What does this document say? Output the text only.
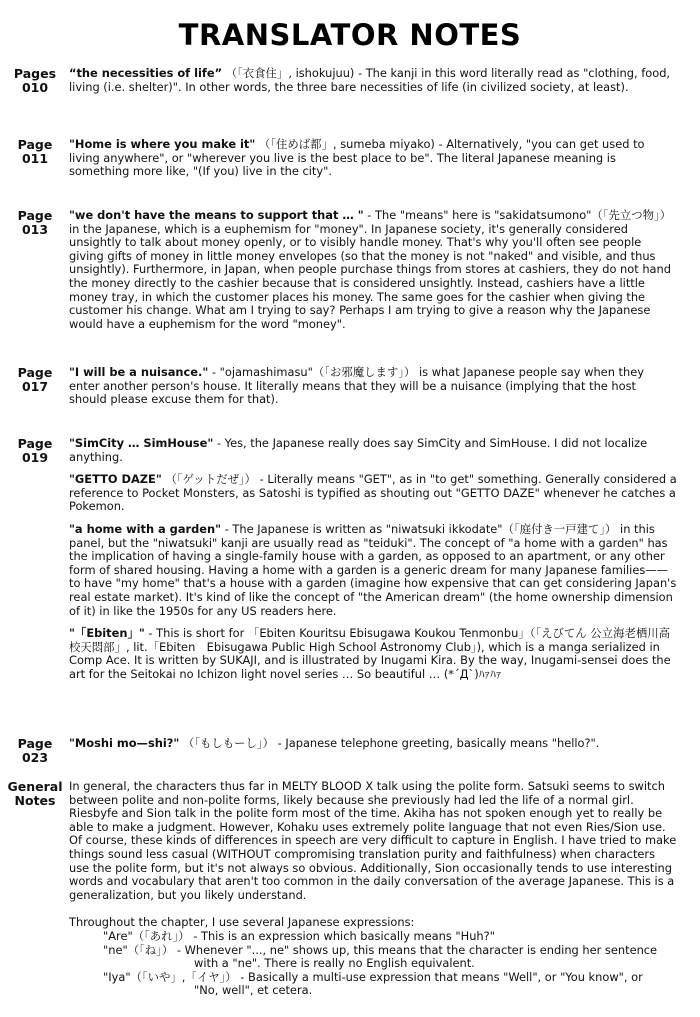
TRANSLATOR NOTES
Pages
010

“the necessities of life” （「衣食住」, ishokujuu) - The kanji in this word literally read as "clothing, food, living (i.e. shelter)". In other words, the three bare necessities of life (in civilized society, at least).

Page
011

"Home is where you make it" （「住めば都」, sumeba miyako) - Alternatively, "you can get used to living anywhere", or "wherever you live is the best place to be". The literal Japanese meaning is something more like, "(If you) live in the city".

Page
013

"we don't have the means to support that … " - The "means" here is "sakidatsumono"（「先立つ物」） in the Japanese, which is a euphemism for "money". In Japanese society, it's generally considered unsightly to talk about money openly, or to visibly handle money. That's why you'll often see people giving gifts of money in little money envelopes (so that the money is not "naked" and visible, and thus unsightly). Furthermore, in Japan, when people purchase things from stores at cashiers, they do not hand the money directly to the cashier because that is considered unsightly. Instead, cashiers have a little money tray, in which the customer places his money. The same goes for the cashier when giving the customer his change. What am I trying to say? Perhaps I am trying to give a reason why the Japanese would have a euphemism for the word "money".

Page
017

"I will be a nuisance." - "ojamashimasu"（「お邪魔します」） is what Japanese people say when they enter another person's house. It literally means that they will be a nuisance (implying that the host should please excuse them for that).

Page
019

"SimCity … SimHouse" - Yes, the Japanese really does say SimCity and SimHouse. I did not localize anything.

"GETTO DAZE" （「ゲットだぜ」） - Literally means "GET", as in "to get" something. Generally considered a reference to Pocket Monsters, as Satoshi is typified as shouting out "GETTO DAZE" whenever he catches a Pokemon.

"a home with a garden" - The Japanese is written as "niwatsuki ikkodate"（「庭付き一戸建て」） in this panel, but the "niwatsuki" kanji are usually read as "teiduki". The concept of "a home with a garden" has the implication of having a single-family house with a garden, as opposed to an apartment, or any other form of shared housing. Having a home with a garden is a generic dream for many Japanese families——to have "my home" that's a house with a garden (imagine how expensive that can get considering Japan's real estate market). It's kind of like the concept of "the American dream" (the home ownership dimension of it) in like the 1950s for any US readers here.

"「Ebiten」" - This is short for 「Ebiten Kouritsu Ebisugawa Koukou Tenmonbu」（「えびてん 公立海老栖川高校天悶部」, lit.「Ebiten　Ebisugawa Public High School Astronomy Club」), which is a manga serialized in Comp Ace. It is written by SUKAJI, and is illustrated by Inugami Kira. By the way, Inugami-sensei does the art for the Seitokai no Ichizon light novel series … So beautiful … (*´Д`)ﾊｧﾊｧ

Page
023

"Moshi mo—shi?" （「もしもーし」） - Japanese telephone greeting, basically means "hello?".

General
Notes

In general, the characters thus far in MELTY BLOOD X talk using the polite form. Satsuki seems to switch between polite and non-polite forms, likely because she previously had led the life of a normal girl. Riesbyfe and Sion talk in the polite form most of the time. Akiha has not spoken enough yet to really be able to make a judgment. However, Kohaku uses extremely polite language that not even Ries/Sion use. Of course, these kinds of differences in speech are very difficult to capture in English. I have tried to make things sound less casual (WITHOUT compromising translation purity and faithfulness) when characters use the polite form, but it's not always so obvious. Additionally, Sion occasionally tends to use interesting words and vocabulary that aren't too common in the daily conversation of the average Japanese. This is a generalization, but you likely understand.

Throughout the chapter, I use several Japanese expressions:
"Are"（「あれ」） - This is an expression which basically means "Huh?"
"ne"（「ね」） - Whenever "..., ne" shows up, this means that the character is ending her sentence
with a "ne". There is really no English equivalent.
"Iya"（「いや」,「イヤ」） - Basically a multi-use expression that means "Well", or "You know", or
"No, well", et cetera.
